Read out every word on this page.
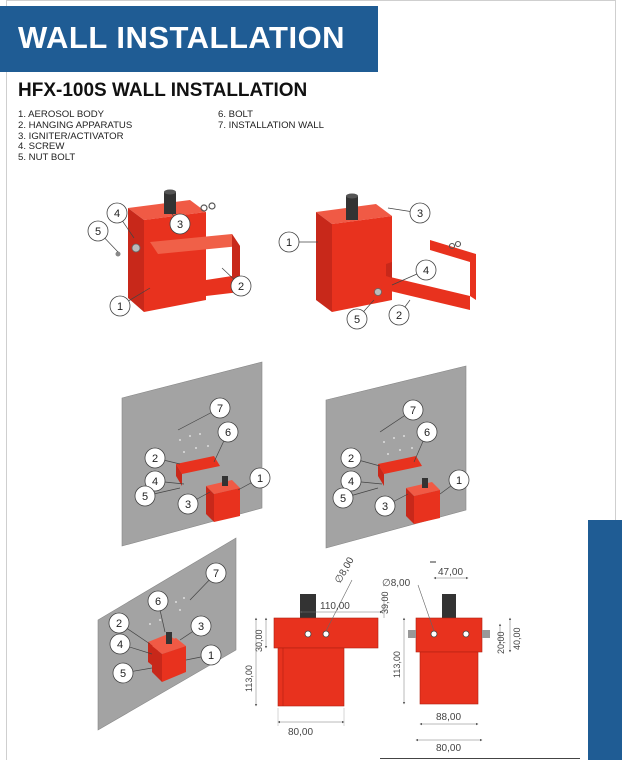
WALL INSTALLATION
HFX-100S WALL INSTALLATION
1. AEROSOL BODY
2. HANGING APPARATUS
3. IGNITER/ACTIVATOR
4. SCREW
5. NUT BOLT
6. BOLT
7. INSTALLATION WALL
1
2
3
4
5
1
2
3
4
5
1
2
3
4
5
6
7
1
2
3
4
5
6
7
1
2	3
4
5
6
7	∅8,00
110,00	39,00
30,00
113,00
80,00
∅8,00
47,00
20,00 40,00
113,00
88,00
80,00
